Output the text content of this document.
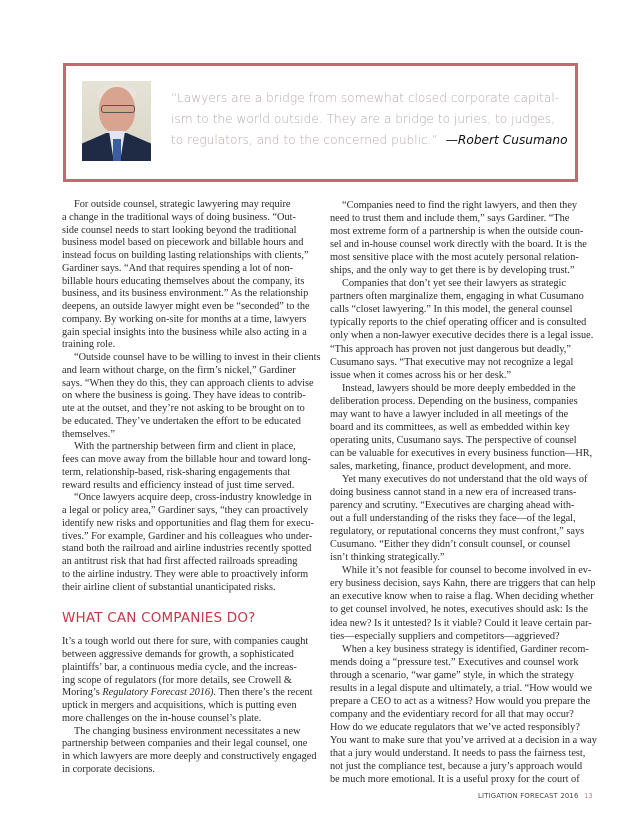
“Lawyers are a bridge from somewhat closed corporate capital-
ism to the world outside. They are a bridge to juries, to judges,
to regulators, and to the concerned public.” —Robert Cusumano
For outside counsel, strategic lawyering may require
a change in the traditional ways of doing business. “Out-
side counsel needs to start looking beyond the traditional
business model based on piecework and billable hours and
instead focus on building lasting relationships with clients,”
Gardiner says. “And that requires spending a lot of non-
billable hours educating themselves about the company, its
business, and its business environment.” As the relationship
deepens, an outside lawyer might even be “seconded” to the
company. By working on-site for months at a time, lawyers
gain special insights into the business while also acting in a
training role.
“Outside counsel have to be willing to invest in their clients
and learn without charge, on the firm’s nickel,” Gardiner
says. “When they do this, they can approach clients to advise
on where the business is going. They have ideas to contrib-
ute at the outset, and they’re not asking to be brought on to
be educated. They’ve undertaken the effort to be educated
themselves.”
With the partnership between firm and client in place,
fees can move away from the billable hour and toward long-
term, relationship-based, risk-sharing engagements that
reward results and efficiency instead of just time served.
“Once lawyers acquire deep, cross-industry knowledge in
a legal or policy area,” Gardiner says, “they can proactively
identify new risks and opportunities and flag them for execu-
tives.” For example, Gardiner and his colleagues who under-
stand both the railroad and airline industries recently spotted
an antitrust risk that had first affected railroads spreading
to the airline industry. They were able to proactively inform
their airline client of substantial unanticipated risks.
WHAT CAN COMPANIES DO?
It’s a tough world out there for sure, with companies caught
between aggressive demands for growth, a sophisticated
plaintiffs’ bar, a continuous media cycle, and the increas-
ing scope of regulators (for more details, see Crowell &
Moring’s Regulatory Forecast 2016). Then there’s the recent
uptick in mergers and acquisitions, which is putting even
more challenges on the in-house counsel’s plate.
The changing business environment necessitates a new
partnership between companies and their legal counsel, one
in which lawyers are more deeply and constructively engaged
in corporate decisions.
“Companies need to find the right lawyers, and then they
need to trust them and include them,” says Gardiner. “The
most extreme form of a partnership is when the outside coun-
sel and in-house counsel work directly with the board. It is the
most sensitive place with the most acutely personal relation-
ships, and the only way to get there is by developing trust.”
Companies that don’t yet see their lawyers as strategic
partners often marginalize them, engaging in what Cusumano
calls “closet lawyering.” In this model, the general counsel
typically reports to the chief operating officer and is consulted
only when a non-lawyer executive decides there is a legal issue.
“This approach has proven not just dangerous but deadly,”
Cusumano says. “That executive may not recognize a legal
issue when it comes across his or her desk.”
Instead, lawyers should be more deeply embedded in the
deliberation process. Depending on the business, companies
may want to have a lawyer included in all meetings of the
board and its committees, as well as embedded within key
operating units, Cusumano says. The perspective of counsel
can be valuable for executives in every business function—HR,
sales, marketing, finance, product development, and more.
Yet many executives do not understand that the old ways of
doing business cannot stand in a new era of increased trans-
parency and scrutiny. “Executives are charging ahead with-
out a full understanding of the risks they face—of the legal,
regulatory, or reputational concerns they must confront,” says
Cusumano. “Either they didn’t consult counsel, or counsel
isn’t thinking strategically.”
While it’s not feasible for counsel to become involved in ev-
ery business decision, says Kahn, there are triggers that can help
an executive know when to raise a flag. When deciding whether
to get counsel involved, he notes, executives should ask: Is the
idea new? Is it untested? Is it viable? Could it leave certain par-
ties—especially suppliers and competitors—aggrieved?
When a key business strategy is identified, Gardiner recom-
mends doing a “pressure test.” Executives and counsel work
through a scenario, “war game” style, in which the strategy
results in a legal dispute and ultimately, a trial. “How would we
prepare a CEO to act as a witness? How would you prepare the
company and the evidentiary record for all that may occur?
How do we educate regulators that we’ve acted responsibly?
You want to make sure that you’ve arrived at a decision in a way
that a jury would understand. It needs to pass the fairness test,
not just the compliance test, because a jury’s approach would
be much more emotional. It is a useful proxy for the court of
LITIGATION FORECAST 2016 13
